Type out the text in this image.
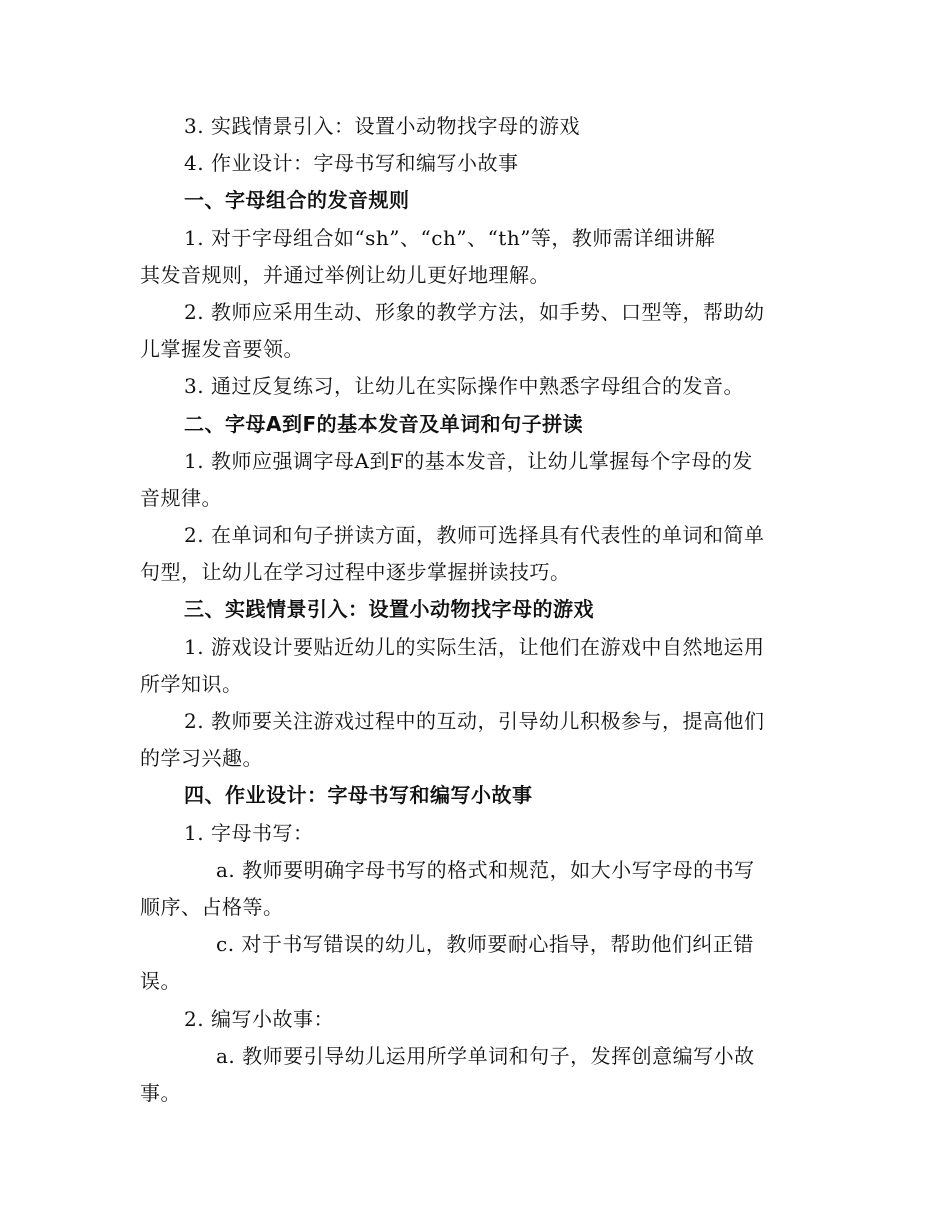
3. 实践情景引入：设置小动物找字母的游戏
4. 作业设计：字母书写和编写小故事
一、字母组合的发音规则
1. 对于字母组合如“sh”、“ch”、“th”等，教师需详细讲解
其发音规则，并通过举例让幼儿更好地理解。
2. 教师应采用生动、形象的教学方法，如手势、口型等，帮助幼
儿掌握发音要领。
3. 通过反复练习，让幼儿在实际操作中熟悉字母组合的发音。
二、字母A到F的基本发音及单词和句子拼读
1. 教师应强调字母A到F的基本发音，让幼儿掌握每个字母的发
音规律。
2. 在单词和句子拼读方面，教师可选择具有代表性的单词和简单
句型，让幼儿在学习过程中逐步掌握拼读技巧。
三、实践情景引入：设置小动物找字母的游戏
1. 游戏设计要贴近幼儿的实际生活，让他们在游戏中自然地运用
所学知识。
2. 教师要关注游戏过程中的互动，引导幼儿积极参与，提高他们
的学习兴趣。
四、作业设计：字母书写和编写小故事
1. 字母书写：
a. 教师要明确字母书写的格式和规范，如大小写字母的书写
顺序、占格等。
c. 对于书写错误的幼儿，教师要耐心指导，帮助他们纠正错
误。
2. 编写小故事：
a. 教师要引导幼儿运用所学单词和句子，发挥创意编写小故
事。
